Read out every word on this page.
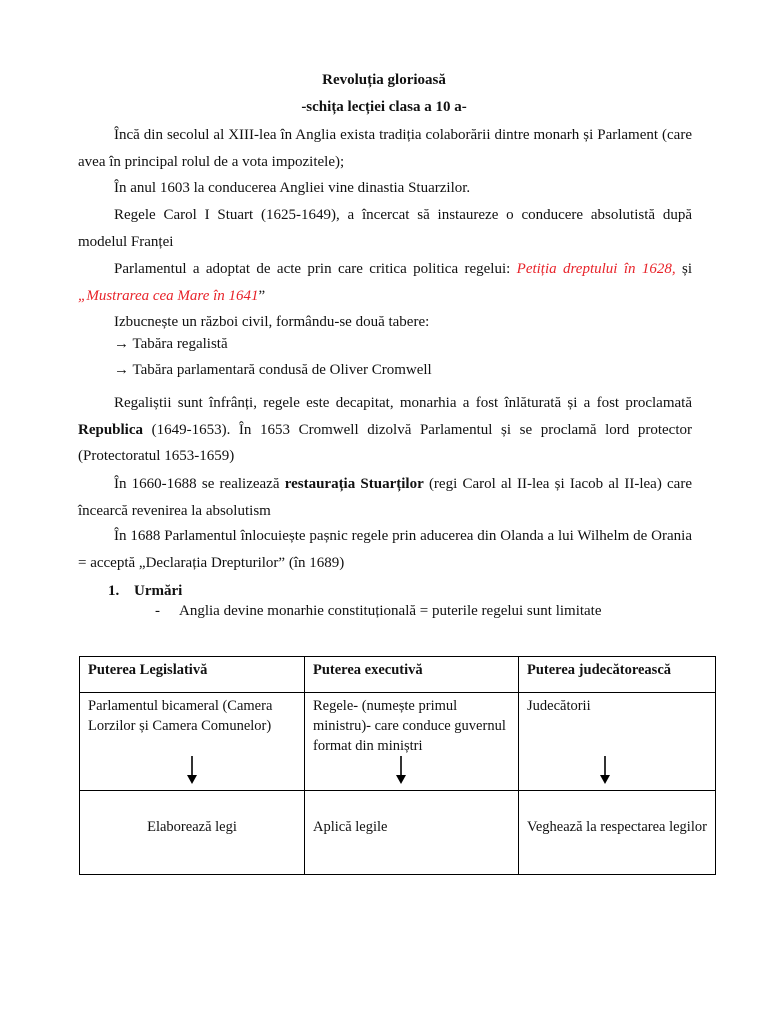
Revoluția glorioasă
-schița lecției clasa a 10 a-
Încă din secolul al XIII-lea în Anglia exista tradiția colaborării dintre monarh și Parlament (care avea în principal rolul de a vota impozitele);
În anul 1603 la conducerea Angliei vine dinastia Stuarzilor.
Regele Carol I Stuart (1625-1649), a încercat să instaureze o conducere absolutistă după modelul Franței
Parlamentul a adoptat de acte prin care critica politica regelui: Petiția dreptului în 1628, și „Mustrarea cea Mare în 1641”
Izbucnește un război civil, formându-se două tabere:
→ Tabăra regalistă
→ Tabăra parlamentară condusă de Oliver Cromwell
Regaliștii sunt înfrânți, regele este decapitat, monarhia a fost înlăturată și a fost proclamată Republica (1649-1653). În 1653 Cromwell dizolvă Parlamentul și se proclamă lord protector (Protectoratul 1653-1659)
În 1660-1688 se realizează restaurația Stuarților (regi Carol al II-lea și Iacob al II-lea) care încearcă revenirea la absolutism
În 1688 Parlamentul înlocuiește pașnic regele prin aducerea din Olanda a lui Wilhelm de Orania = acceptă „Declarația Drepturilor” (în 1689)
1. Urmări
- Anglia devine monarhie constituțională = puterile regelui sunt limitate
Puterea Legislativă	Puterea executivă	Puterea judecătorească

Parlamentul bicameral (Camera Lorzilor și Camera Comunelor)	Regele- (numește primul ministru)- care conduce guvernul format din miniștri	Judecătorii

Elaborează legi	Aplică legile	Veghează la respectarea legilor
